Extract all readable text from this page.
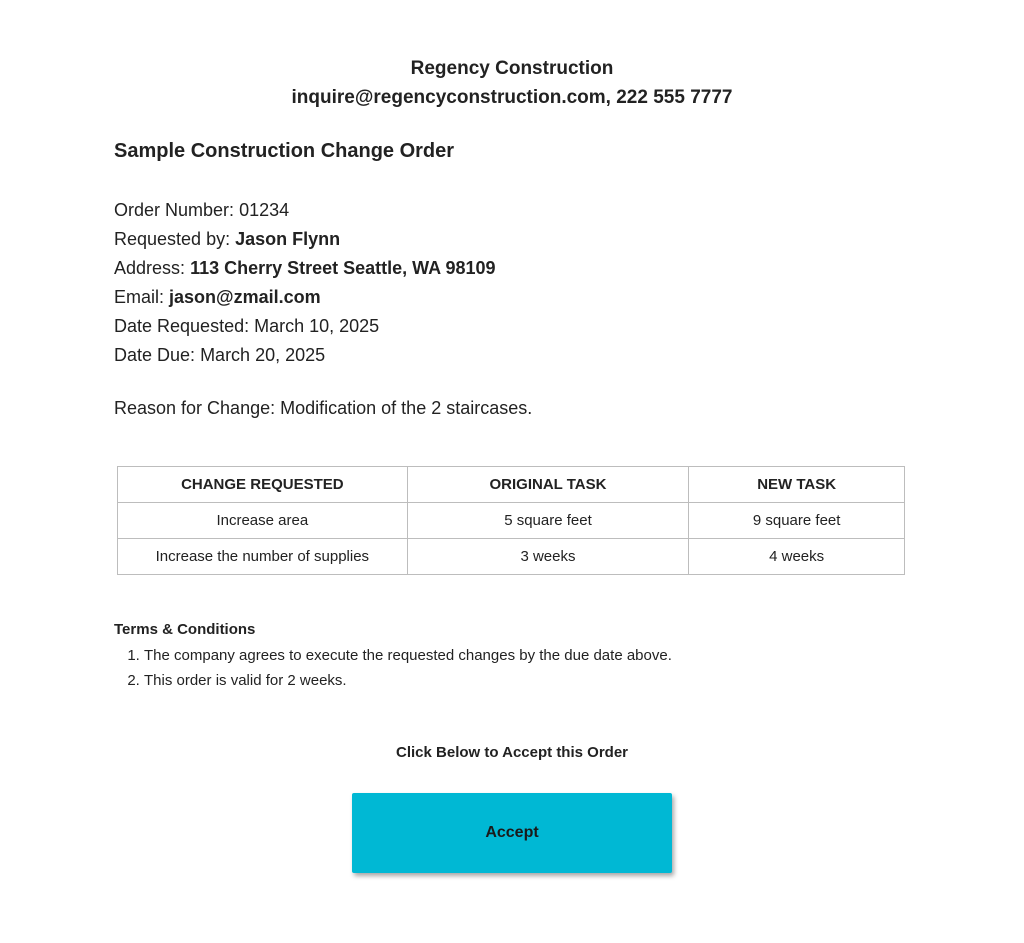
Regency Construction
inquire@regencyconstruction.com, 222 555 7777
Sample Construction Change Order
Order Number: 01234
Requested by: Jason Flynn
Address: 113 Cherry Street Seattle, WA 98109
Email: jason@zmail.com
Date Requested: March 10, 2025
Date Due: March 20, 2025
Reason for Change: Modification of the 2 staircases.
CHANGE REQUESTED	ORIGINAL TASK	NEW TASK
Increase area	5 square feet	9 square feet
Increase the number of supplies	3 weeks	4 weeks
Terms & Conditions
1. The company agrees to execute the requested changes by the due date above.
2. This order is valid for 2 weeks.
Click Below to Accept this Order
Accept
